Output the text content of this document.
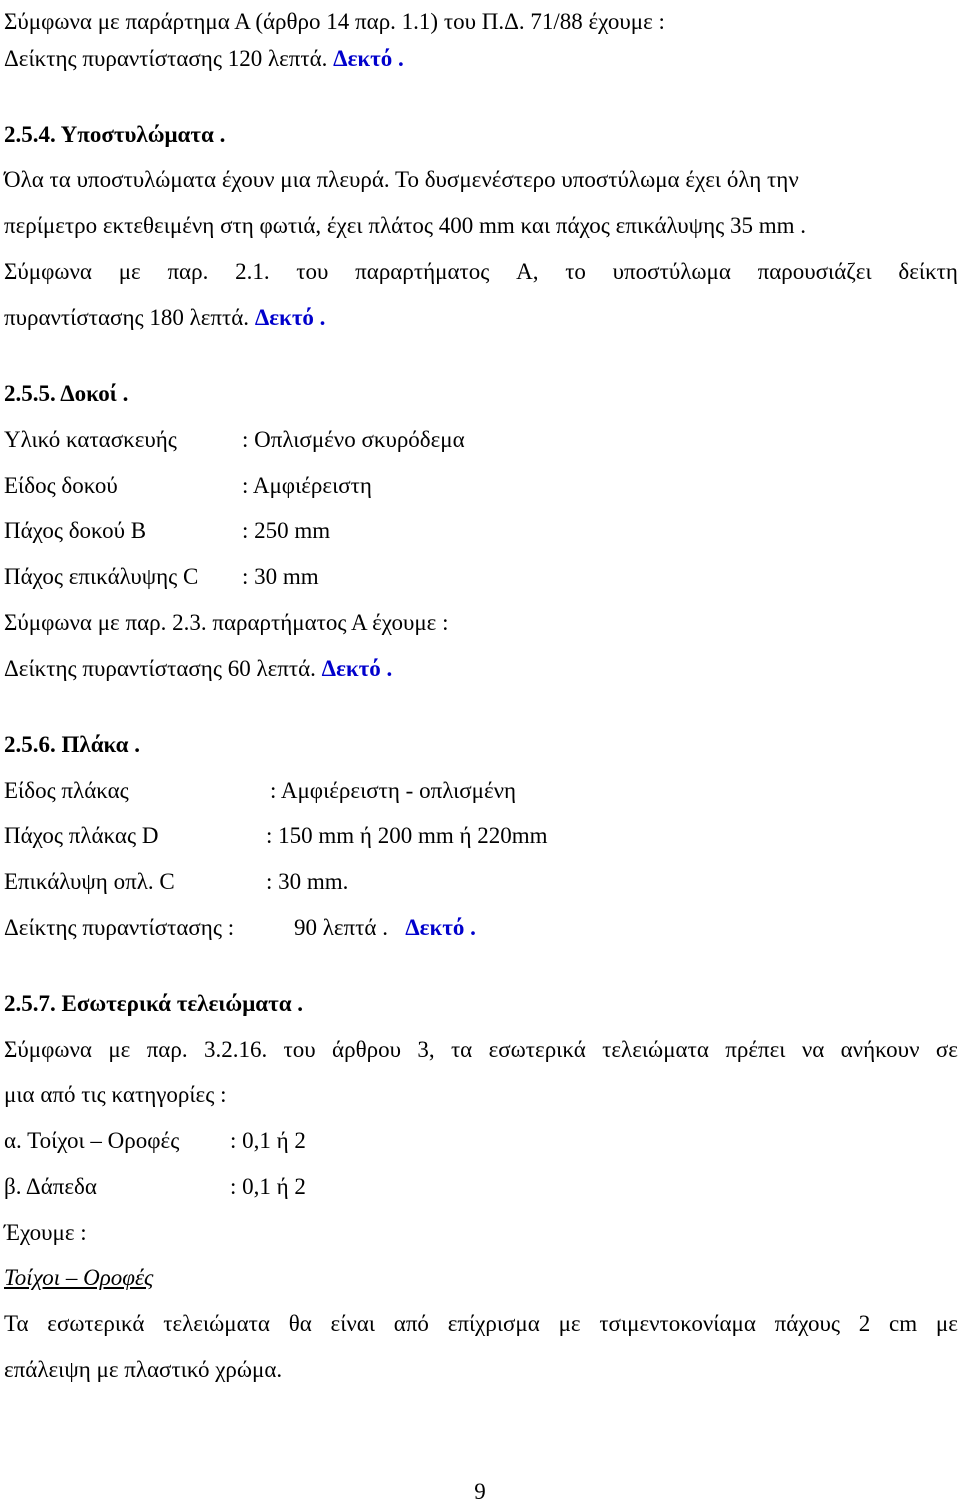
Σύμφωνα με παράρτημα Α (άρθρο 14 παρ. 1.1) του Π.Δ. 71/88 έχουμε :
Δείκτης πυραντίστασης 120 λεπτά. Δεκτό .
2.5.4. Υποστυλώματα .
Όλα τα υποστυλώματα έχουν μια πλευρά. Το δυσμενέστερο υποστύλωμα έχει όλη την
περίμετρο εκτεθειμένη στη φωτιά, έχει πλάτος 400 mm και πάχος επικάλυψης 35 mm .
Σύμφωνα με παρ. 2.1. του παραρτήματος Α, το υποστύλωμα παρουσιάζει δείκτη
πυραντίστασης 180 λεπτά. Δεκτό .
2.5.5. Δοκοί .
Υλικό κατασκευής	: Οπλισμένο σκυρόδεμα
Είδος δοκού	: Αμφιέρειστη
Πάχος δοκού Β	: 250 mm
Πάχος επικάλυψης C : 30 mm
Σύμφωνα με παρ. 2.3. παραρτήματος Α έχουμε :
Δείκτης πυραντίστασης 60 λεπτά. Δεκτό .
2.5.6. Πλάκα .
Είδος πλάκας	: Αμφιέρειστη - οπλισμένη
Πάχος πλάκας D	: 150 mm ή 200 mm ή 220mm
Επικάλυψη οπλ. C	: 30 mm.
Δείκτης πυραντίστασης :	90 λεπτά . Δεκτό .
2.5.7. Εσωτερικά τελειώματα .
Σύμφωνα με παρ. 3.2.16. του άρθρου 3, τα εσωτερικά τελειώματα πρέπει να ανήκουν σε
μια από τις κατηγορίες :
α. Τοίχοι – Οροφές : 0,1 ή 2
β. Δάπεδα	: 0,1 ή 2
Έχουμε :
Τοίχοι – Οροφές
Τα εσωτερικά τελειώματα θα είναι από επίχρισμα με τσιμεντοκονίαμα πάχους 2 cm με
επάλειψη με πλαστικό χρώμα.
9
